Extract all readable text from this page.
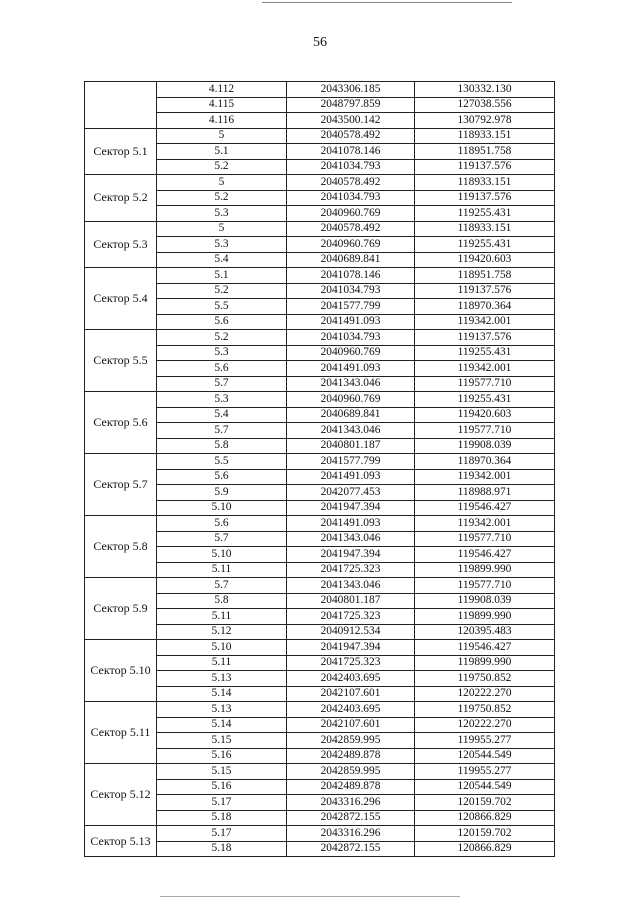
56
	4.112	2043306.185	130332.130
	4.115	2048797.859	127038.556
	4.116	2043500.142	130792.978
Сектор 5.1	5	2040578.492	118933.151
	5.1	2041078.146	118951.758
	5.2	2041034.793	119137.576
Сектор 5.2	5	2040578.492	118933.151
	5.2	2041034.793	119137.576
	5.3	2040960.769	119255.431
Сектор 5.3	5	2040578.492	118933.151
	5.3	2040960.769	119255.431
	5.4	2040689.841	119420.603
Сектор 5.4	5.1	2041078.146	118951.758
	5.2	2041034.793	119137.576
	5.5	2041577.799	118970.364
	5.6	2041491.093	119342.001
Сектор 5.5	5.2	2041034.793	119137.576
	5.3	2040960.769	119255.431
	5.6	2041491.093	119342.001
	5.7	2041343.046	119577.710
Сектор 5.6	5.3	2040960.769	119255.431
	5.4	2040689.841	119420.603
	5.7	2041343.046	119577.710
	5.8	2040801.187	119908.039
Сектор 5.7	5.5	2041577.799	118970.364
	5.6	2041491.093	119342.001
	5.9	2042077.453	118988.971
	5.10	2041947.394	119546.427
Сектор 5.8	5.6	2041491.093	119342.001
	5.7	2041343.046	119577.710
	5.10	2041947.394	119546.427
	5.11	2041725.323	119899.990
Сектор 5.9	5.7	2041343.046	119577.710
	5.8	2040801.187	119908.039
	5.11	2041725.323	119899.990
	5.12	2040912.534	120395.483
Сектор 5.10	5.10	2041947.394	119546.427
	5.11	2041725.323	119899.990
	5.13	2042403.695	119750.852
	5.14	2042107.601	120222.270
Сектор 5.11	5.13	2042403.695	119750.852
	5.14	2042107.601	120222.270
	5.15	2042859.995	119955.277
	5.16	2042489.878	120544.549
Сектор 5.12	5.15	2042859.995	119955.277
	5.16	2042489.878	120544.549
	5.17	2043316.296	120159.702
	5.18	2042872.155	120866.829
Сектор 5.13	5.17	2043316.296	120159.702
	5.18	2042872.155	120866.829
